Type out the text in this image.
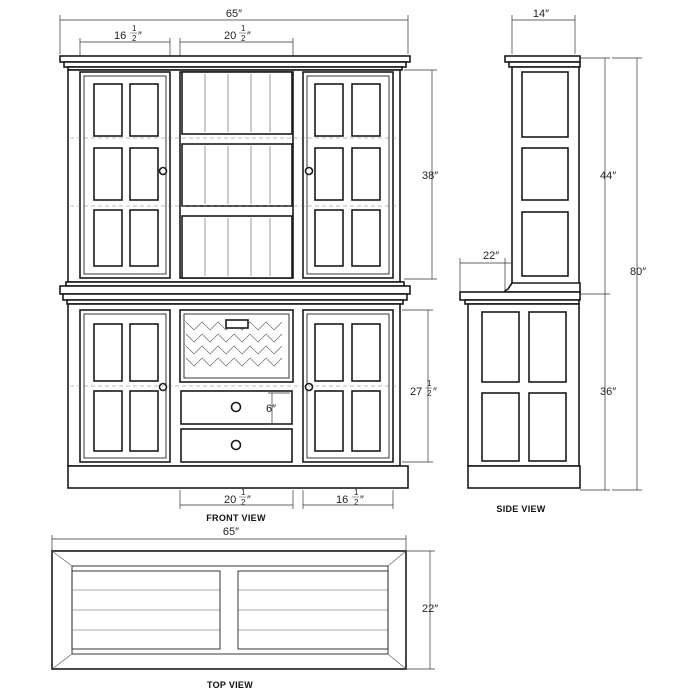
65″
16
1
2 ″	20
1
2 ″
38″
6″
27
1
2 ″
20
1
2 ″	16
1
2 ″
FRONT VIEW
14″
22″
44″
36″
80″
SIDE VIEW
65″
22″
TOP VIEW
